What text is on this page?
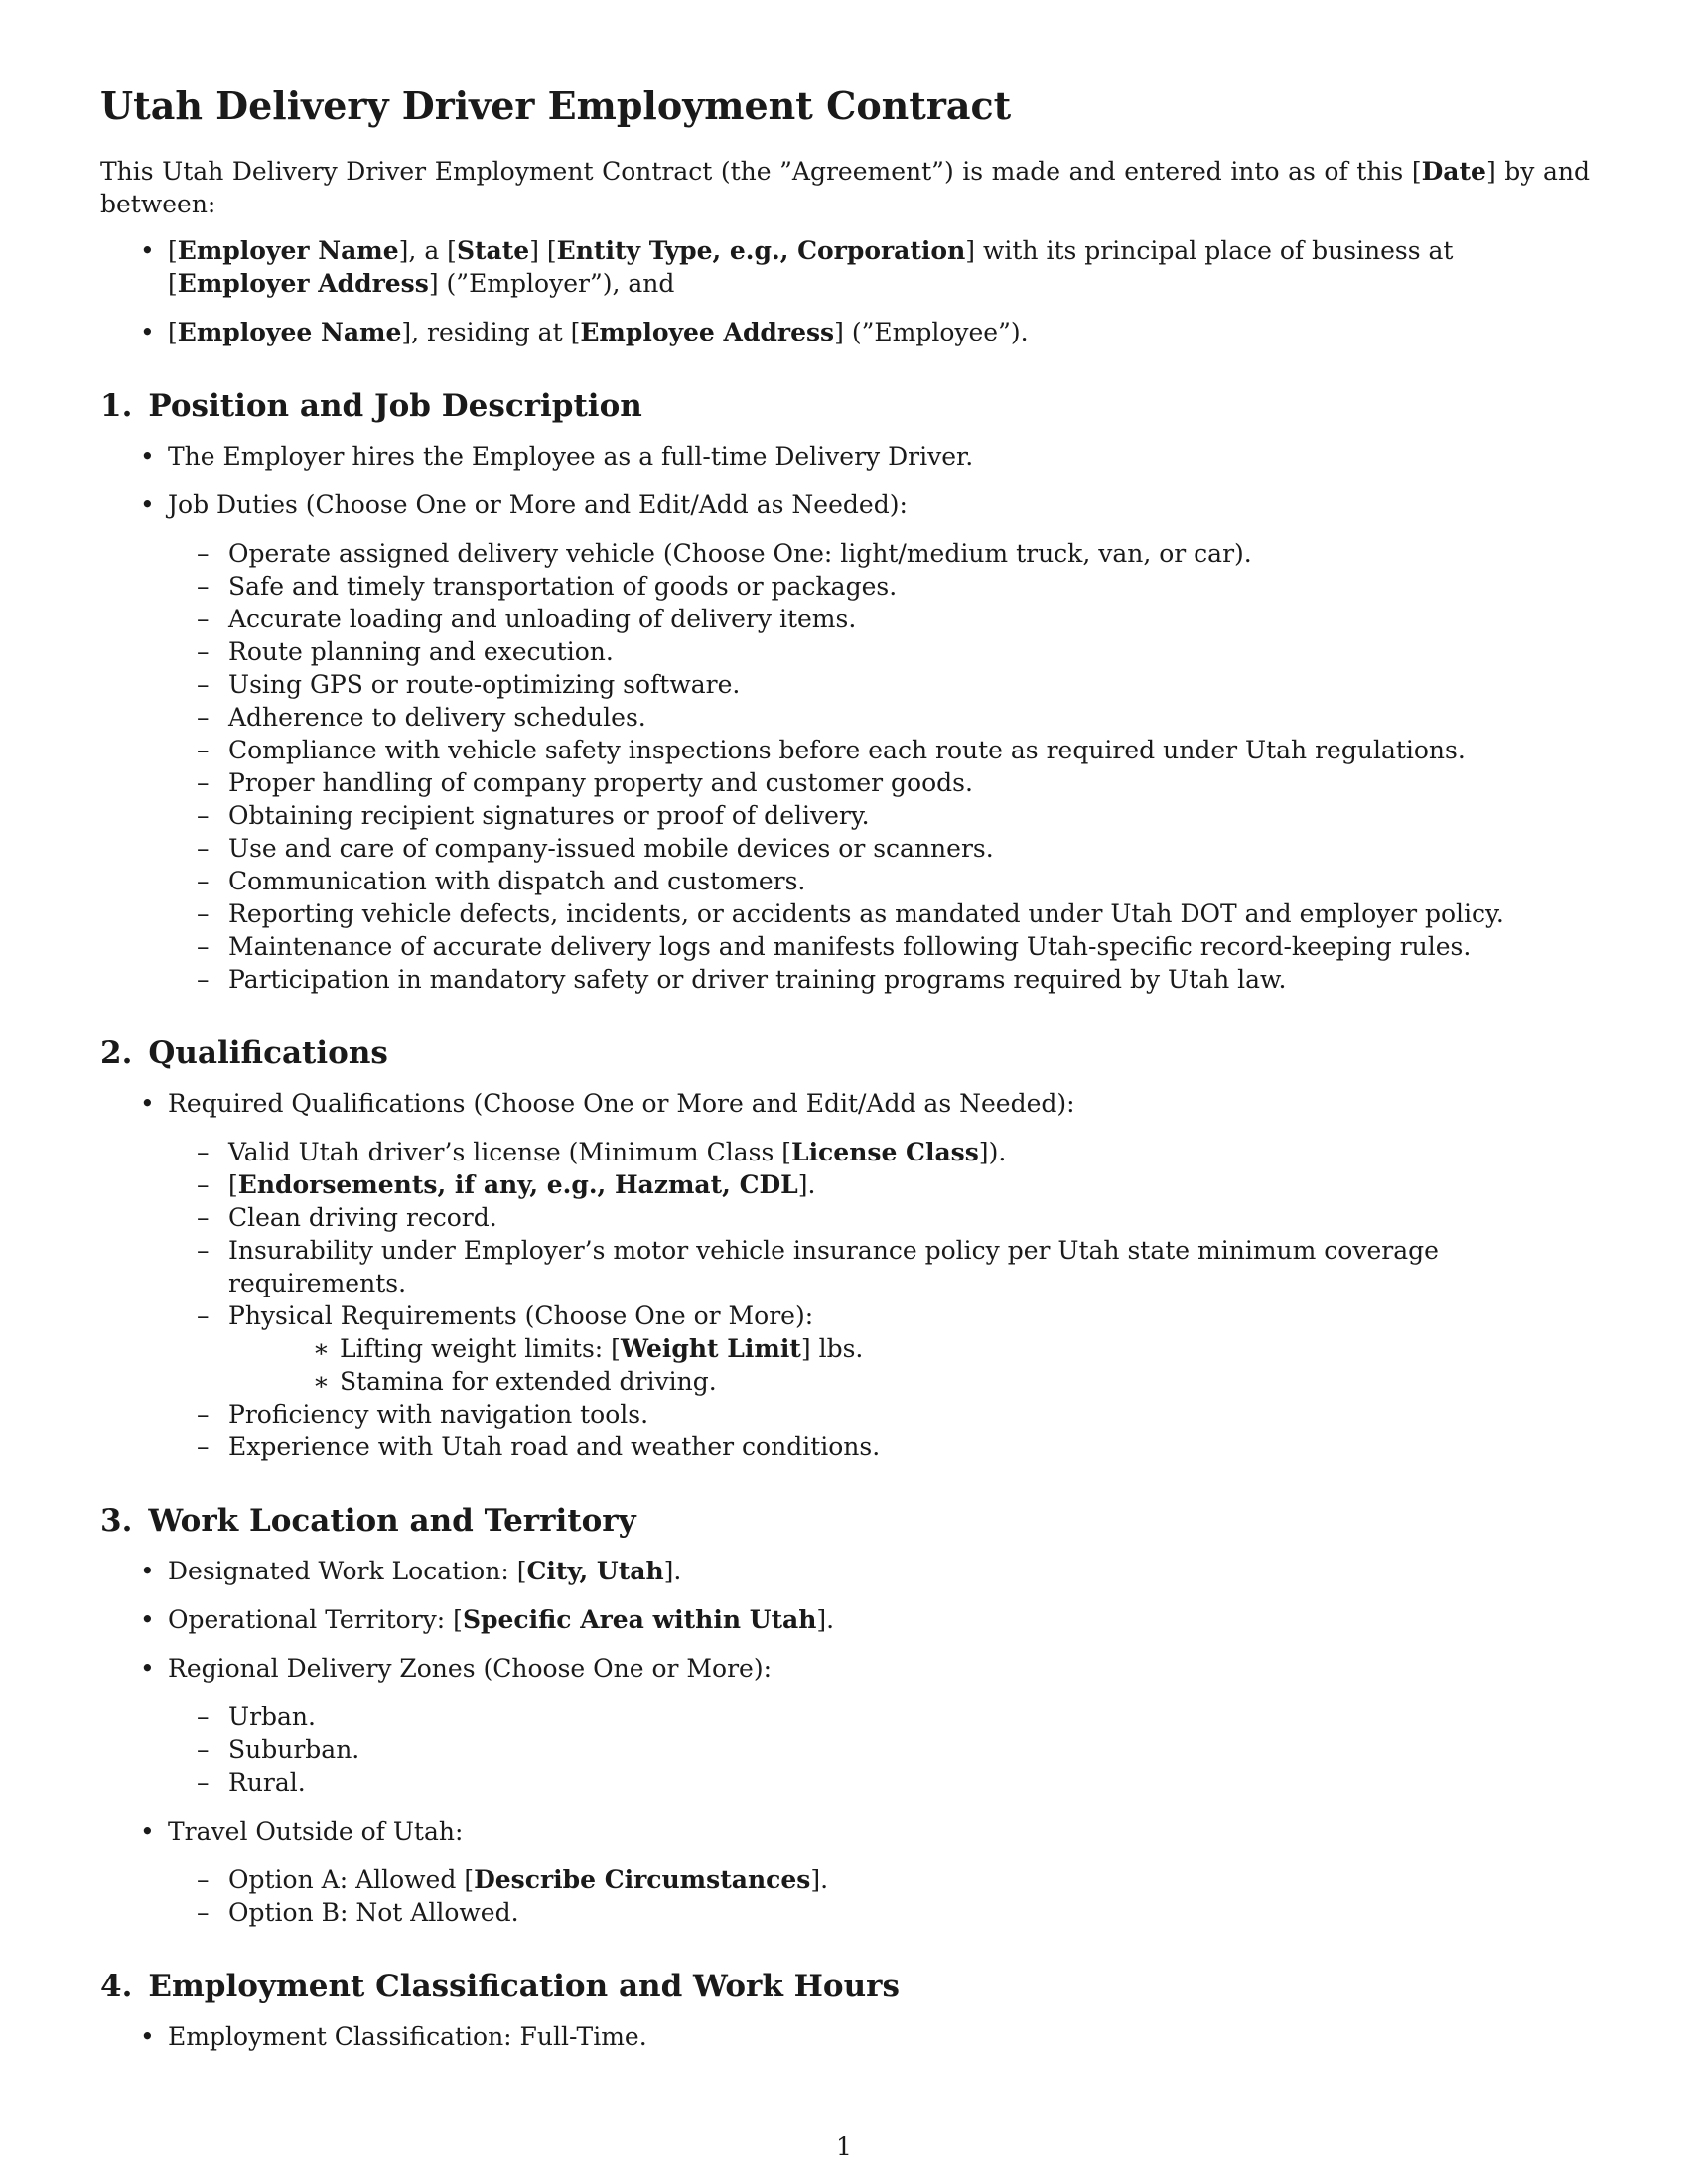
Utah Delivery Driver Employment Contract

This Utah Delivery Driver Employment Contract (the ”Agreement”) is made and entered into as of this [Date] by and between:

• [Employer Name], a [State] [Entity Type, e.g., Corporation] with its principal place of business at [Employer Address] (”Employer”), and
• [Employee Name], residing at [Employee Address] (”Employee”).
1. Position and Job Description
• The Employer hires the Employee as a full-time Delivery Driver.
• Job Duties (Choose One or More and Edit/Add as Needed):
– Operate assigned delivery vehicle (Choose One: light/medium truck, van, or car).
– Safe and timely transportation of goods or packages.
– Accurate loading and unloading of delivery items.
– Route planning and execution.
– Using GPS or route-optimizing software.
– Adherence to delivery schedules.
– Compliance with vehicle safety inspections before each route as required under Utah regulations.
– Proper handling of company property and customer goods.
– Obtaining recipient signatures or proof of delivery.
– Use and care of company-issued mobile devices or scanners.
– Communication with dispatch and customers.
– Reporting vehicle defects, incidents, or accidents as mandated under Utah DOT and employer policy.
– Maintenance of accurate delivery logs and manifests following Utah-specific record-keeping rules.
– Participation in mandatory safety or driver training programs required by Utah law.
2. Qualifications
• Required Qualifications (Choose One or More and Edit/Add as Needed):
– Valid Utah driver’s license (Minimum Class [License Class]).
– [Endorsements, if any, e.g., Hazmat, CDL].
– Clean driving record.
– Insurability under Employer’s motor vehicle insurance policy per Utah state minimum coverage requirements.
– Physical Requirements (Choose One or More):
∗ Lifting weight limits: [Weight Limit] lbs.
∗ Stamina for extended driving.
– Proficiency with navigation tools.
– Experience with Utah road and weather conditions.
3. Work Location and Territory
• Designated Work Location: [City, Utah].
• Operational Territory: [Specific Area within Utah].
• Regional Delivery Zones (Choose One or More):
– Urban.
– Suburban.
– Rural.
• Travel Outside of Utah:
– Option A: Allowed [Describe Circumstances].
– Option B: Not Allowed.
4. Employment Classification and Work Hours
• Employment Classification: Full-Time.
1
